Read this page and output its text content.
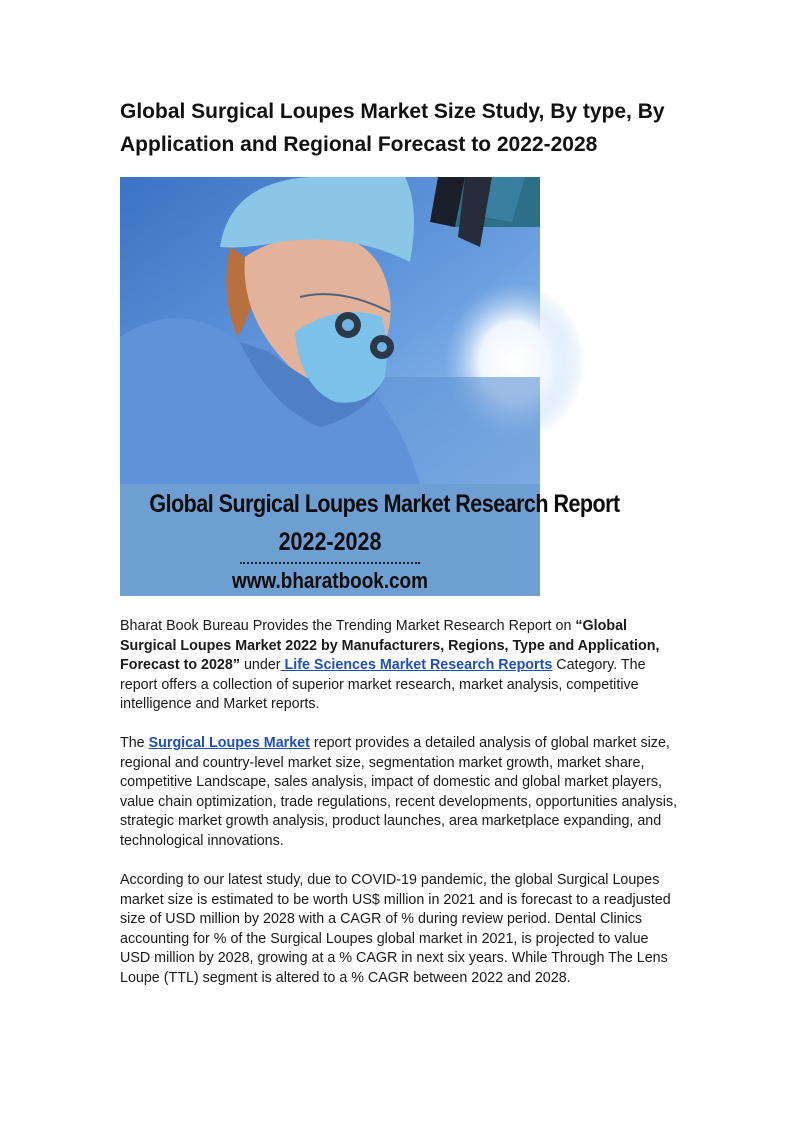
Global Surgical Loupes Market Size Study, By type, By Application and Regional Forecast to 2022-2028
Global Surgical Loupes Market Research Report
2022-2028
www.bharatbook.com

Bharat Book Bureau Provides the Trending Market Research Report on “Global Surgical Loupes Market 2022 by Manufacturers, Regions, Type and Application, Forecast to 2028” under Life Sciences Market Research Reports Category. The report offers a collection of superior market research, market analysis, competitive intelligence and Market reports.

The Surgical Loupes Market report provides a detailed analysis of global market size, regional and country-level market size, segmentation market growth, market share, competitive Landscape, sales analysis, impact of domestic and global market players, value chain optimization, trade regulations, recent developments, opportunities analysis, strategic market growth analysis, product launches, area marketplace expanding, and technological innovations.

According to our latest study, due to COVID-19 pandemic, the global Surgical Loupes market size is estimated to be worth US$ million in 2021 and is forecast to a readjusted size of USD million by 2028 with a CAGR of % during review period. Dental Clinics accounting for % of the Surgical Loupes global market in 2021, is projected to value USD million by 2028, growing at a % CAGR in next six years. While Through The Lens Loupe (TTL) segment is altered to a % CAGR between 2022 and 2028.
